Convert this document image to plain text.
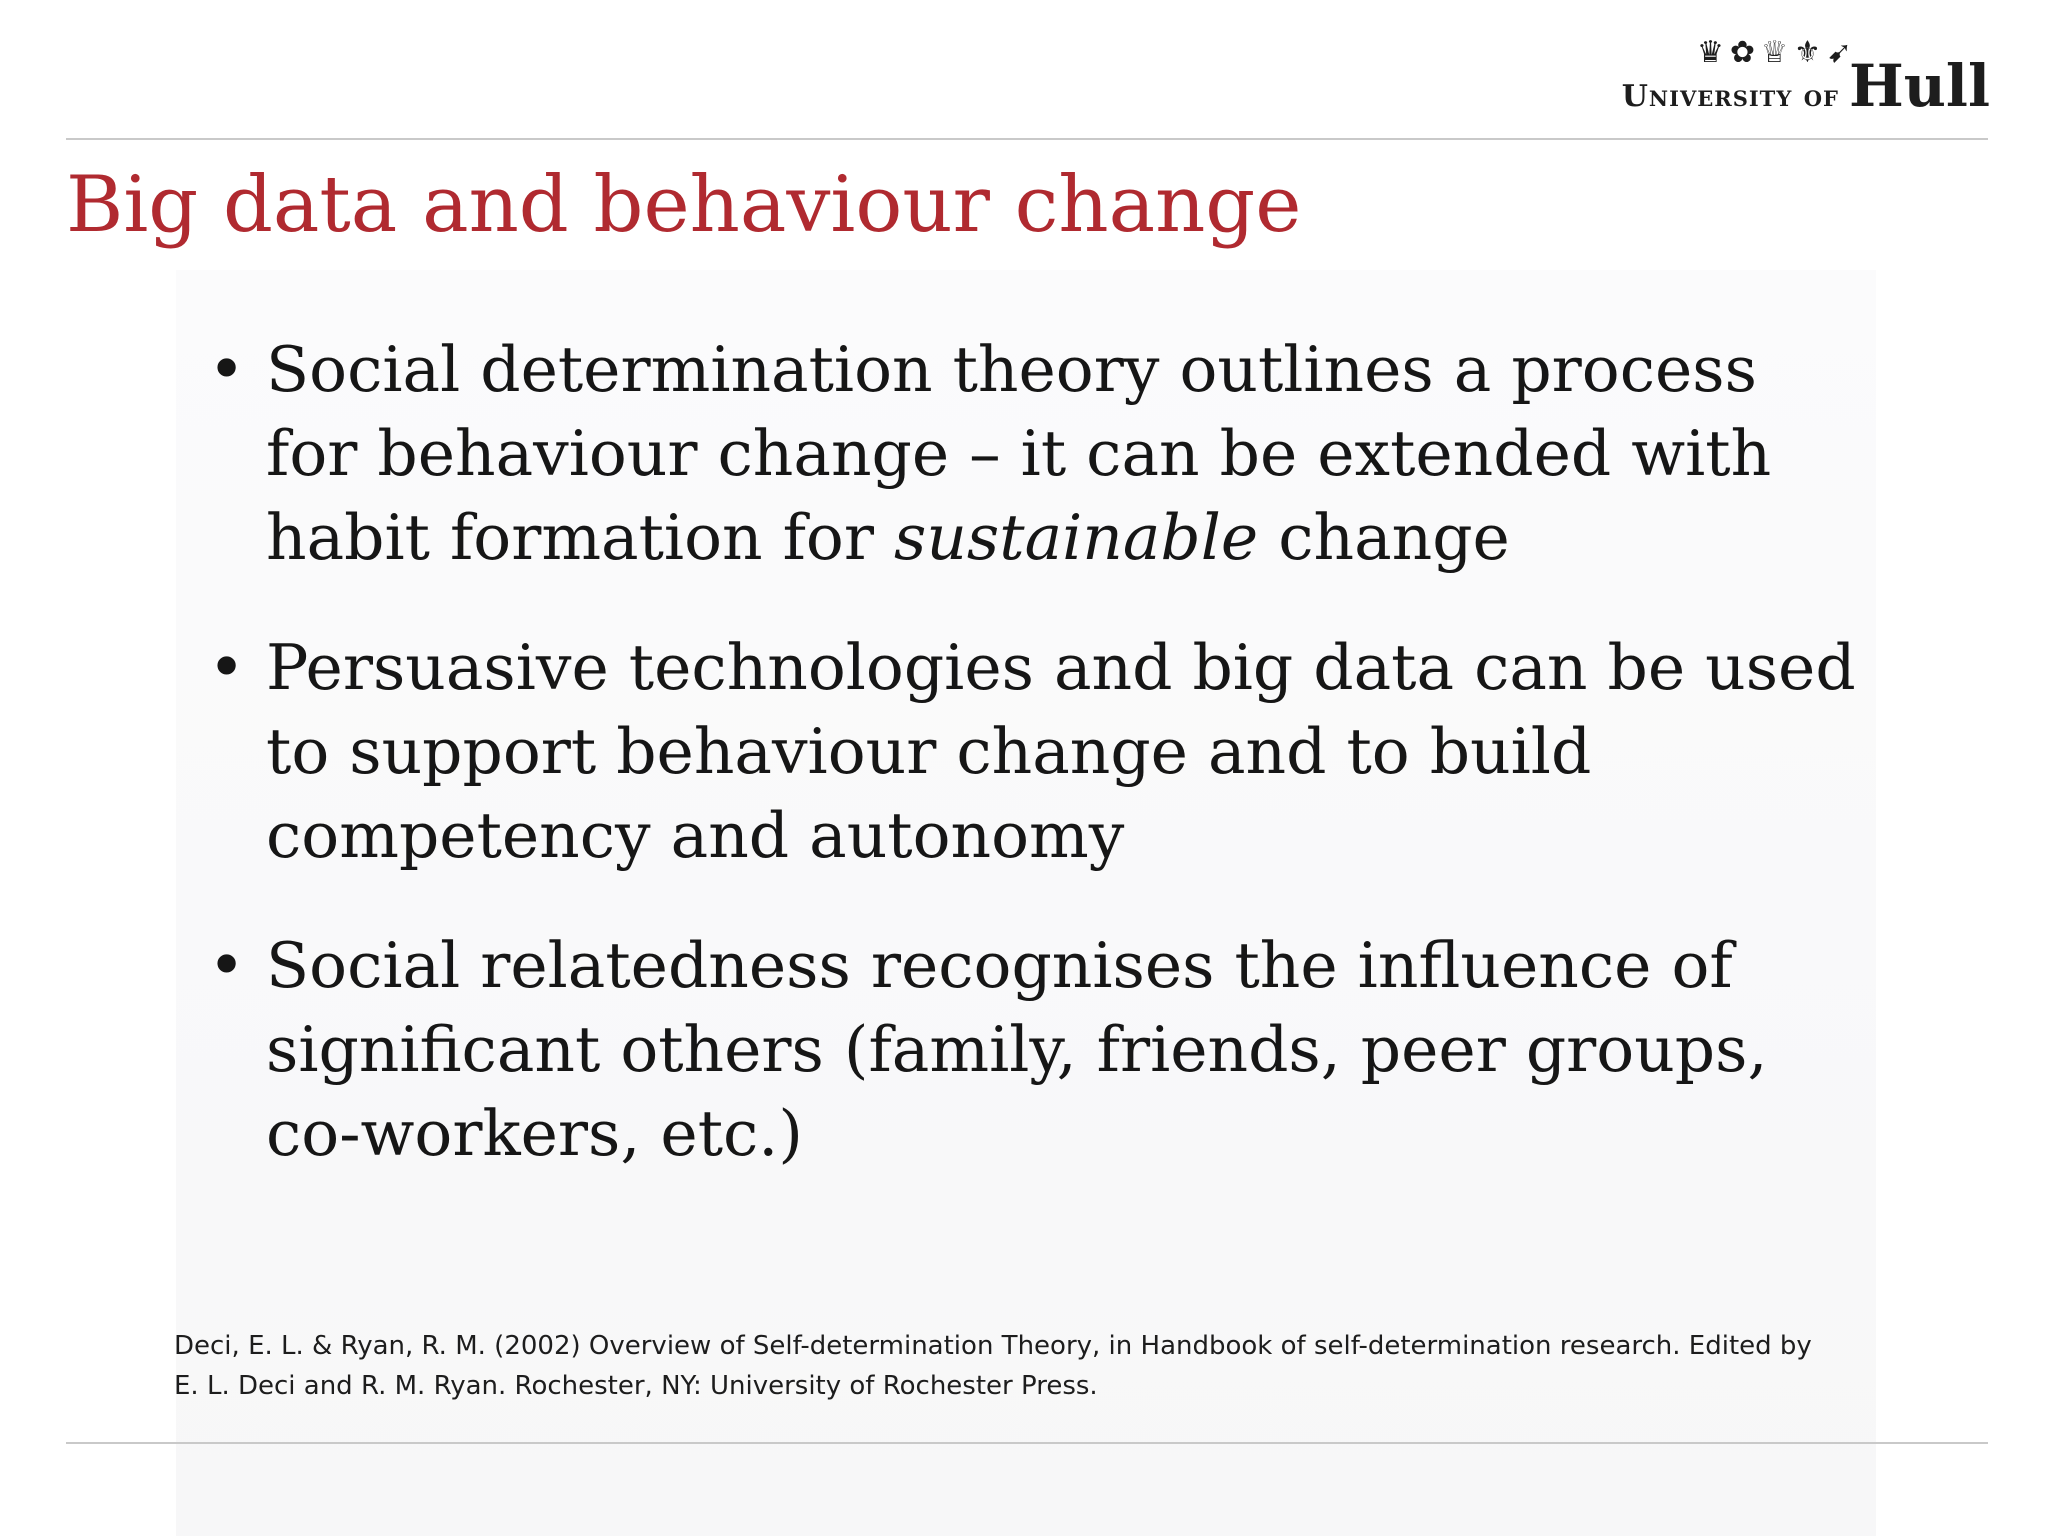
♛ ✿ ♕ ⚜ ➹
University of Hull
Big data and behaviour change
• Social determination theory outlines a process for behaviour change – it can be extended with habit formation for sustainable change
• Persuasive technologies and big data can be used to support behaviour change and to build competency and autonomy
• Social relatedness recognises the influence of significant others (family, friends, peer groups, co-workers, etc.)

Deci, E. L. & Ryan, R. M. (2002) Overview of Self-determination Theory, in Handbook of self-determination research. Edited by E. L. Deci and R. M. Ryan. Rochester, NY: University of Rochester Press.
